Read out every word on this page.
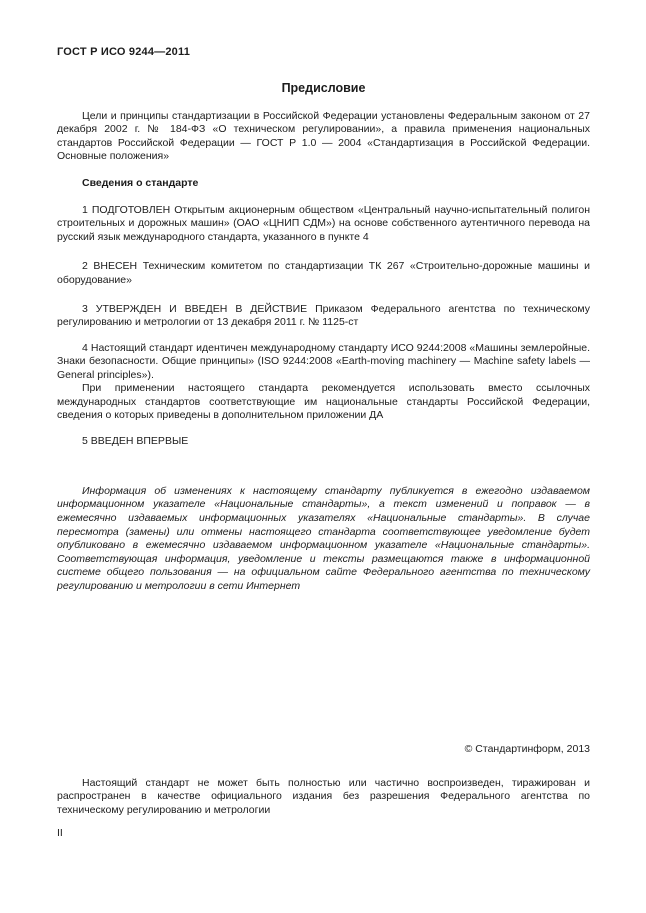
ГОСТ Р ИСО 9244—2011
Предисловие

Цели и принципы стандартизации в Российской Федерации установлены Федеральным законом от 27 декабря 2002 г. № 184-ФЗ «О техническом регулировании», а правила применения национальных стандартов Российской Федерации — ГОСТ Р 1.0 — 2004 «Стандартизация в Российской Федерации. Основные положения»

Сведения о стандарте

1 ПОДГОТОВЛЕН Открытым акционерным обществом «Центральный научно-испытательный полигон строительных и дорожных машин» (ОАО «ЦНИП СДМ») на основе собственного аутентичного перевода на русский язык международного стандарта, указанного в пункте 4

2 ВНЕСЕН Техническим комитетом по стандартизации ТК 267 «Строительно-дорожные машины и оборудование»

3 УТВЕРЖДЕН И ВВЕДЕН В ДЕЙСТВИЕ Приказом Федерального агентства по техническому регулированию и метрологии от 13 декабря 2011 г. № 1125-ст

4 Настоящий стандарт идентичен международному стандарту ИСО 9244:2008 «Машины землеройные. Знаки безопасности. Общие принципы» (ISO 9244:2008 «Earth-moving machinery — Machine safety labels — General principles»).

При применении настоящего стандарта рекомендуется использовать вместо ссылочных международных стандартов соответствующие им национальные стандарты Российской Федерации, сведения о которых приведены в дополнительном приложении ДА

5 ВВЕДЕН ВПЕРВЫЕ

Информация об изменениях к настоящему стандарту публикуется в ежегодно издаваемом информационном указателе «Национальные стандарты», а текст изменений и поправок — в ежемесячно издаваемых информационных указателях «Национальные стандарты». В случае пересмотра (замены) или отмены настоящего стандарта соответствующее уведомление будет опубликовано в ежемесячно издаваемом информационном указателе «Национальные стандарты». Соответствующая информация, уведомление и тексты размещаются также в информационной системе общего пользования — на официальном сайте Федерального агентства по техническому регулированию и метрологии в сети Интернет

© Стандартинформ, 2013

Настоящий стандарт не может быть полностью или частично воспроизведен, тиражирован и распространен в качестве официального издания без разрешения Федерального агентства по техническому регулированию и метрологии

II
